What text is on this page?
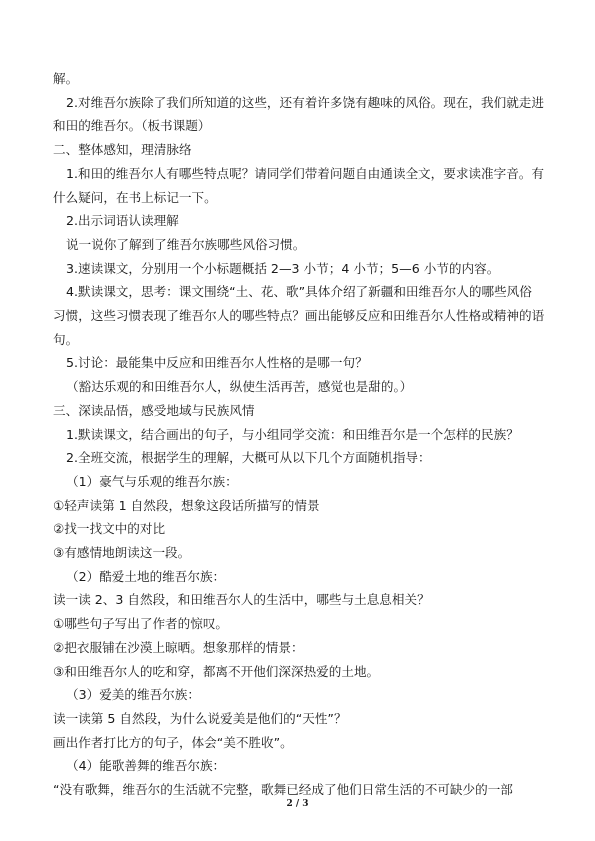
解。
2.对维吾尔族除了我们所知道的这些，还有着许多饶有趣味的风俗。现在，我们就走进
和田的维吾尔。（板书课题）
二、整体感知，理清脉络
1.和田的维吾尔人有哪些特点呢？请同学们带着问题自由通读全文，要求读准字音。有
什么疑问，在书上标记一下。
2.出示词语认读理解
说一说你了解到了维吾尔族哪些风俗习惯。
3.速读课文，分别用一个小标题概括 2—3 小节；4 小节；5—6 小节的内容。
4.默读课文，思考：课文围绕“土、花、歌”具体介绍了新疆和田维吾尔人的哪些风俗
习惯，这些习惯表现了维吾尔人的哪些特点？画出能够反应和田维吾尔人性格或精神的语
句。
5.讨论：最能集中反应和田维吾尔人性格的是哪一句？
（豁达乐观的和田维吾尔人，纵使生活再苦，感觉也是甜的。）
三、深读品悟，感受地域与民族风情
1.默读课文，结合画出的句子，与小组同学交流：和田维吾尔是一个怎样的民族？
2.全班交流，根据学生的理解，大概可从以下几个方面随机指导：
（1）豪气与乐观的维吾尔族：
①轻声读第 1 自然段，想象这段话所描写的情景
②找一找文中的对比
③有感情地朗读这一段。
（2）酷爱土地的维吾尔族：
读一读 2、3 自然段，和田维吾尔人的生活中，哪些与土息息相关？
①哪些句子写出了作者的惊叹。
②把衣服铺在沙漠上晾晒。想象那样的情景：
③和田维吾尔人的吃和穿，都离不开他们深深热爱的土地。
（3）爱美的维吾尔族：
读一读第 5 自然段，为什么说爱美是他们的“天性”？
画出作者打比方的句子，体会“美不胜收”。
（4）能歌善舞的维吾尔族：
“没有歌舞，维吾尔的生活就不完整，歌舞已经成了他们日常生活的不可缺少的一部
2 / 3
